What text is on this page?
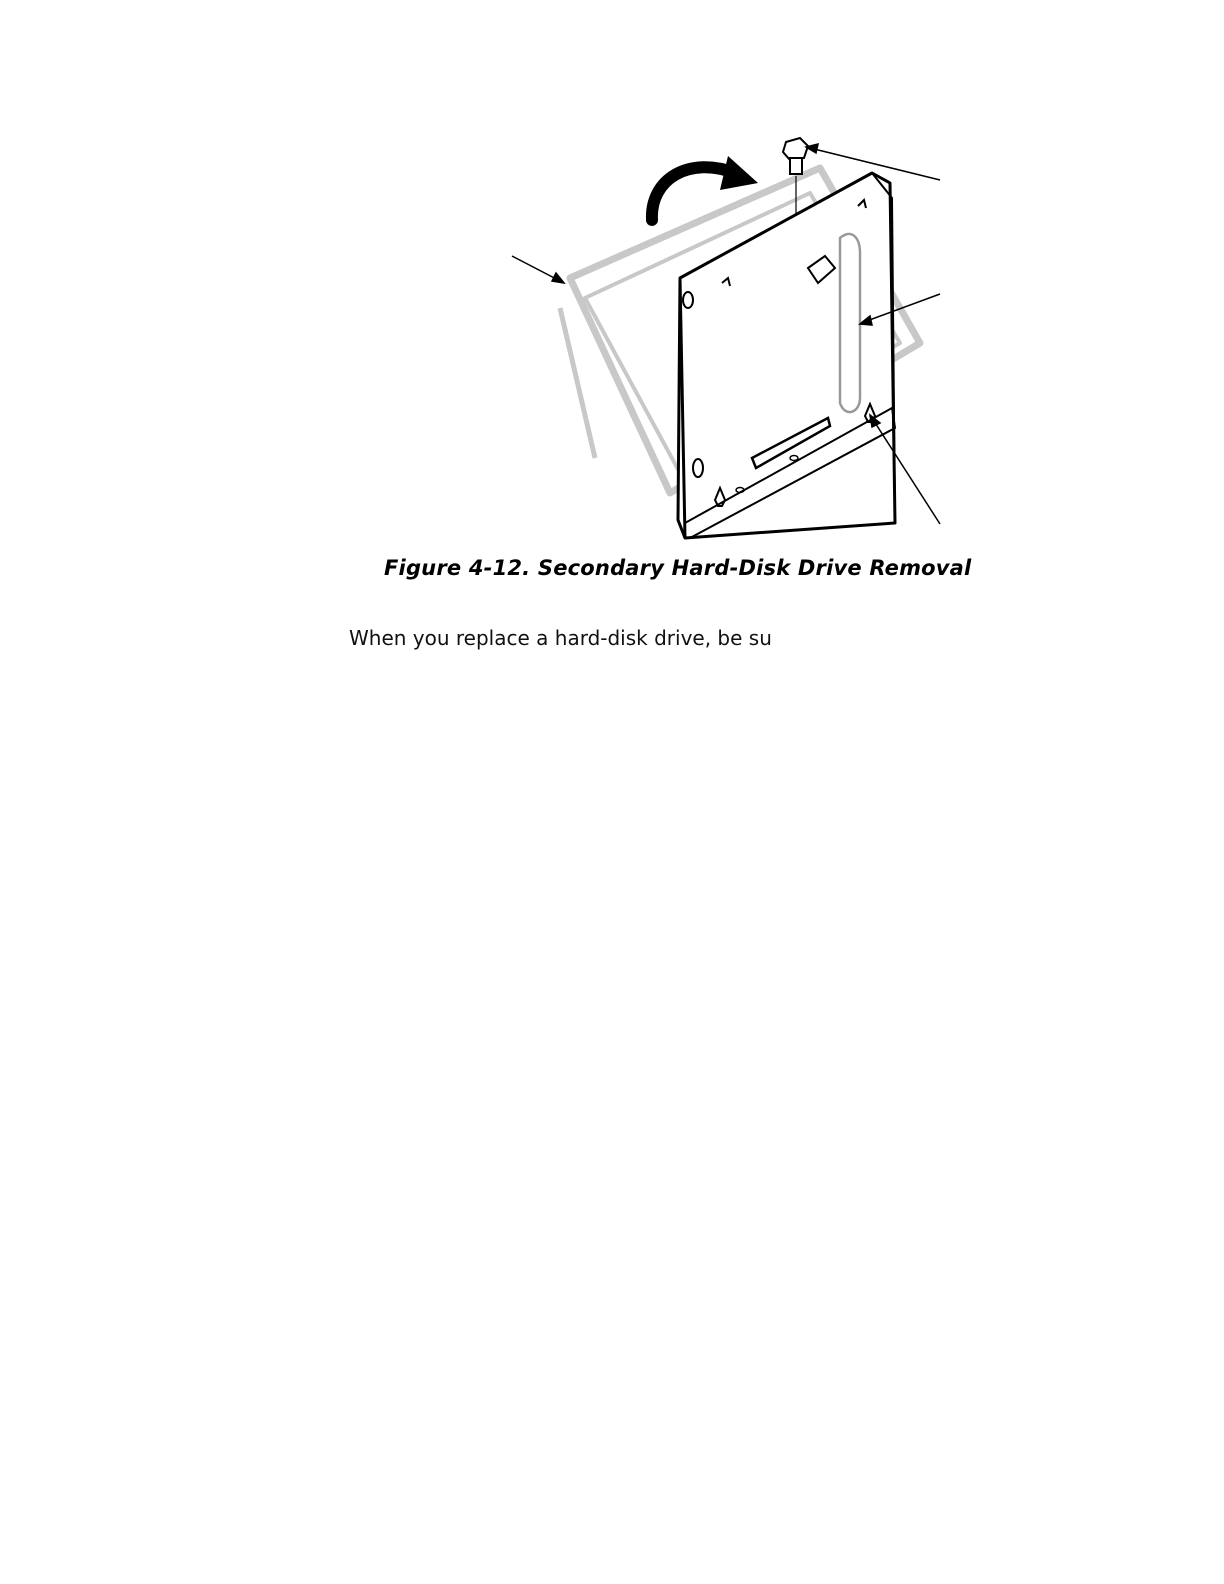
Figure 4-12. Secondary Hard-Disk Drive Removal
When you replace a hard-disk drive, be su
